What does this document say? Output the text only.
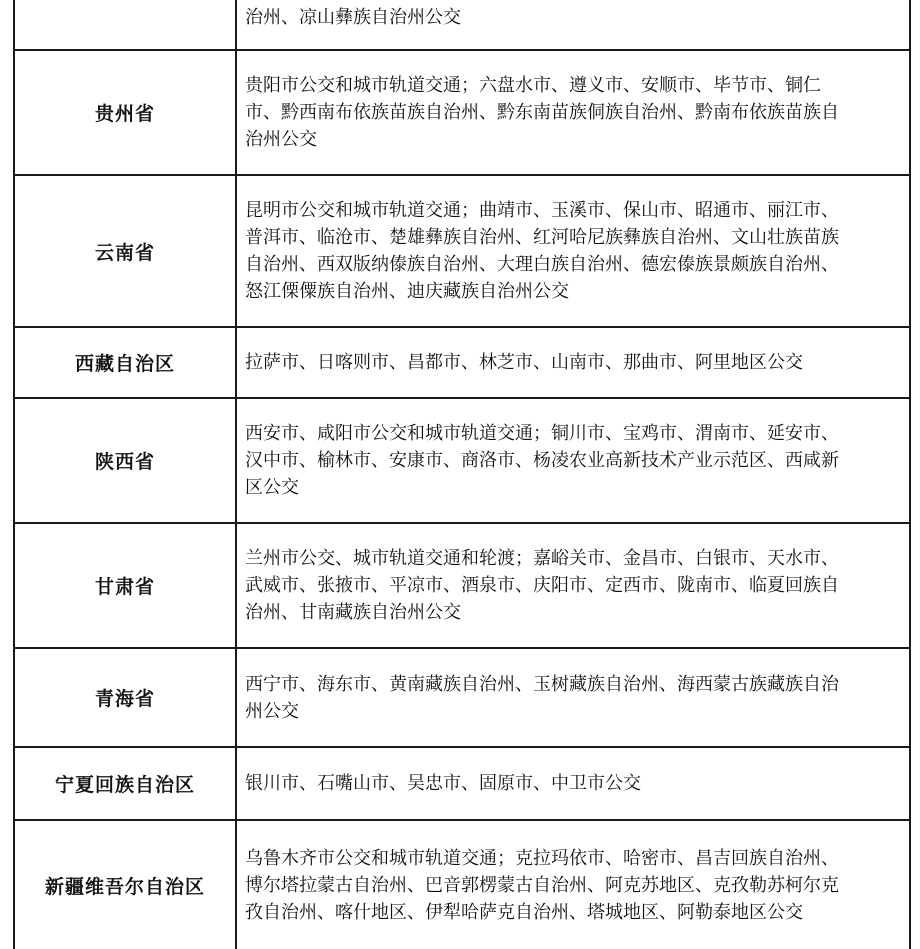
治州、凉山彝族自治州公交
贵州省
贵阳市公交和城市轨道交通；六盘水市、遵义市、安顺市、毕节市、铜仁
市、黔西南布依族苗族自治州、黔东南苗族侗族自治州、黔南布依族苗族自
治州公交
云南省
昆明市公交和城市轨道交通；曲靖市、玉溪市、保山市、昭通市、丽江市、
普洱市、临沧市、楚雄彝族自治州、红河哈尼族彝族自治州、文山壮族苗族
自治州、西双版纳傣族自治州、大理白族自治州、德宏傣族景颇族自治州、
怒江傈僳族自治州、迪庆藏族自治州公交
西藏自治区	拉萨市、日喀则市、昌都市、林芝市、山南市、那曲市、阿里地区公交
陕西省
西安市、咸阳市公交和城市轨道交通；铜川市、宝鸡市、渭南市、延安市、
汉中市、榆林市、安康市、商洛市、杨凌农业高新技术产业示范区、西咸新
区公交
甘肃省
兰州市公交、城市轨道交通和轮渡；嘉峪关市、金昌市、白银市、天水市、
武威市、张掖市、平凉市、酒泉市、庆阳市、定西市、陇南市、临夏回族自
治州、甘南藏族自治州公交
青海省
西宁市、海东市、黄南藏族自治州、玉树藏族自治州、海西蒙古族藏族自治
州公交
宁夏回族自治区	银川市、石嘴山市、吴忠市、固原市、中卫市公交
新疆维吾尔自治区
乌鲁木齐市公交和城市轨道交通；克拉玛依市、哈密市、昌吉回族自治州、
博尔塔拉蒙古自治州、巴音郭楞蒙古自治州、阿克苏地区、克孜勒苏柯尔克
孜自治州、喀什地区、伊犁哈萨克自治州、塔城地区、阿勒泰地区公交
